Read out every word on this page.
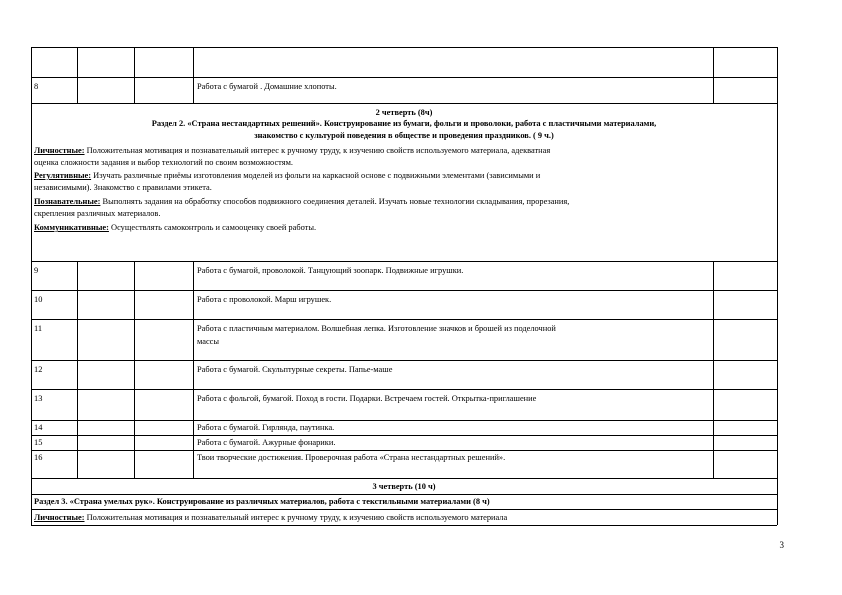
8	Работа с бумагой . Домашние хлопоты.
2 четверть (8ч)
Раздел 2. «Страна нестандартных решений». Конструирование из бумаги, фольги и проволоки, работа с пластичными материалами,
знакомство с культурой поведения в обществе и проведения праздников. ( 9 ч.)
Личностные: Положительная мотивация и познавательный интерес к ручному труду, к изучению свойств используемого материала, адекватная
оценка сложности задания и выбор технологий по своим возможностям.
Регулятивные: Изучать различные приёмы изготовления моделей из фольги на каркасной основе с подвижными элементами (зависимыми и
независимыми). Знакомство с правилами этикета.
Познавательные: Выполнять задания на обработку способов подвижного соединения деталей. Изучать новые технологии складывания, прорезания,
скрепления различных материалов.
Коммуникативные: Осуществлять самоконтроль и самооценку своей работы.
9	Работа с бумагой, проволокой. Танцующий зоопарк. Подвижные игрушки.
10	Работа с проволокой. Марш игрушек.
11	Работа с пластичным материалом. Волшебная лепка. Изготовление значков и брошей из поделочной
массы
12	Работа с бумагой. Скульптурные секреты. Папье-маше
13	Работа с фольгой, бумагой. Поход в гости. Подарки. Встречаем гостей. Открытка-приглашение
14	Работа с бумагой. Гирлянда, паутинка.
15	Работа с бумагой. Ажурные фонарики.
16	Твои творческие достижения. Проверочная работа «Страна нестандартных решений».
3 четверть (10 ч)
Раздел 3. «Страна умелых рук». Конструирование из различных материалов, работа с текстильными материалами (8 ч)
Личностные: Положительная мотивация и познавательный интерес к ручному труду, к изучению свойств используемого материала
3
